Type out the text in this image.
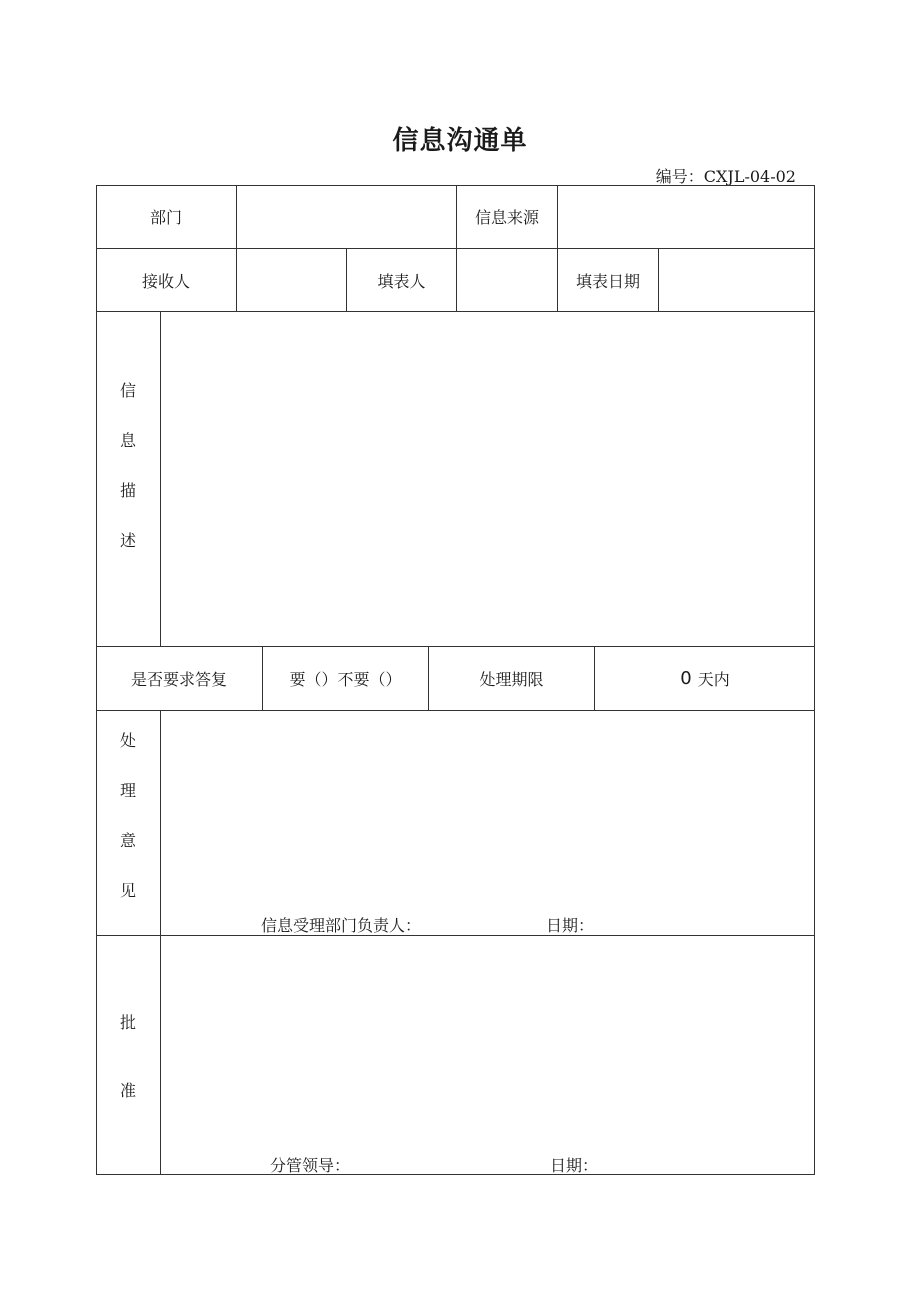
信息沟通单
编号：CXJL-04-02
部门	信息来源
接收人	填表人	填表日期
信
息
描
述
是否要求答复	要（）不要（）	处理期限	0 天内
处
理
意
见
信息受理部门负责人：	日期：
批
准
分管领导：	日期：
